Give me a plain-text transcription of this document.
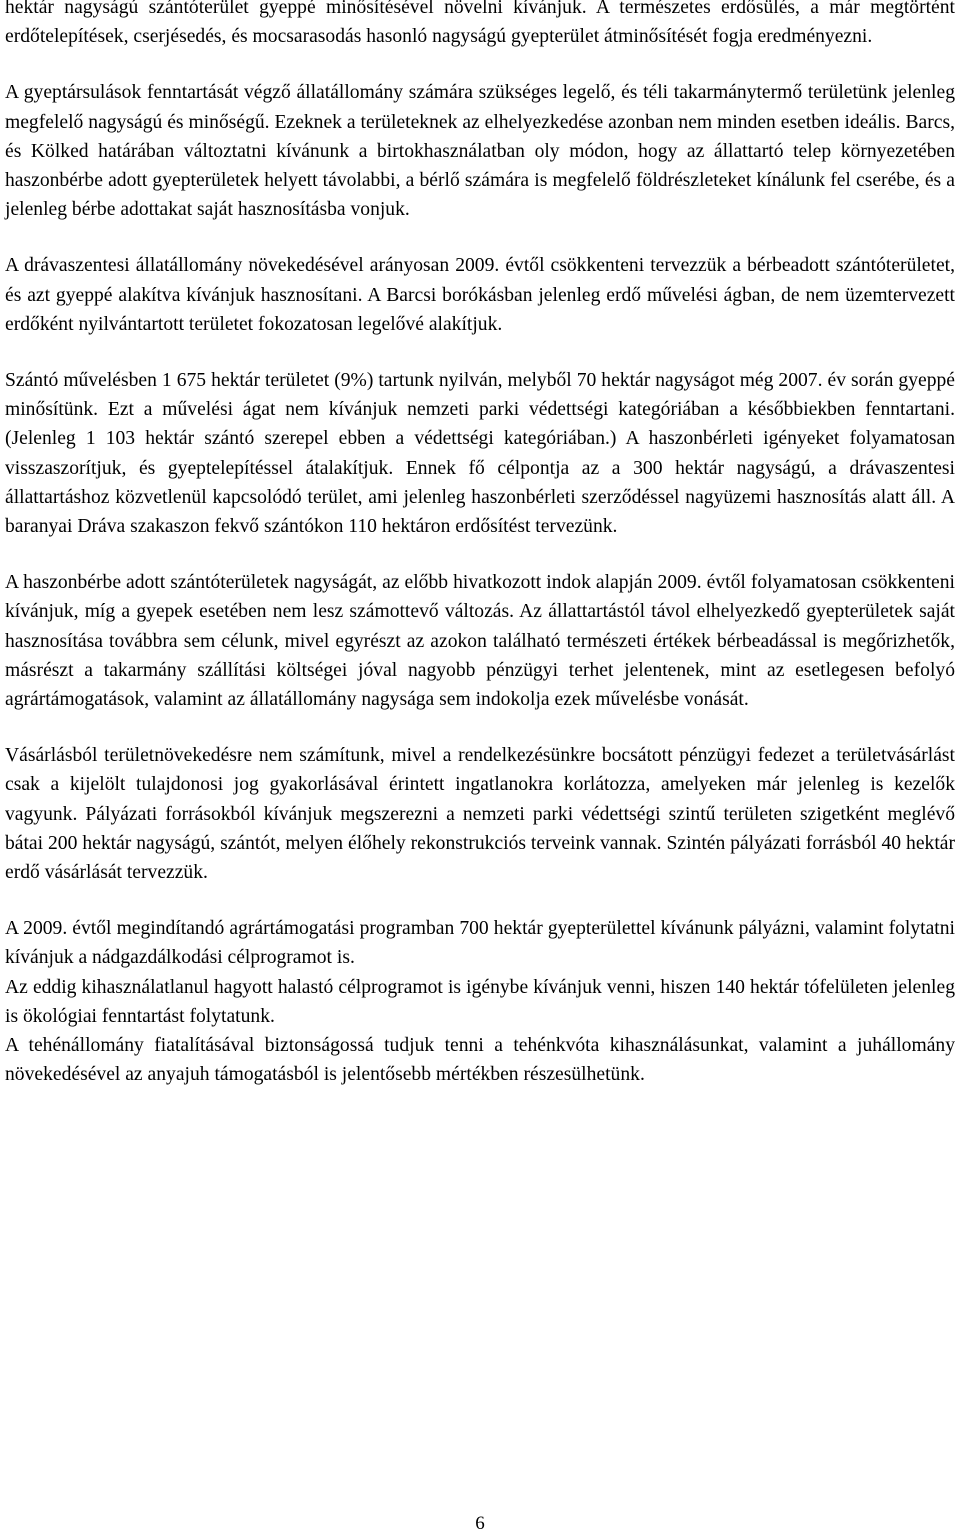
hektár nagyságú szántóterület gyeppé minősítésével növelni kívánjuk. A természetes erdősülés, a már megtörtént erdőtelepítések, cserjésedés, és mocsarasodás hasonló nagyságú gyepterület átminősítését fogja eredményezni.

A gyeptársulások fenntartását végző állatállomány számára szükséges legelő, és téli takarmánytermő területünk jelenleg megfelelő nagyságú és minőségű. Ezeknek a területeknek az elhelyezkedése azonban nem minden esetben ideális. Barcs, és Kölked határában változtatni kívánunk a birtokhasználatban oly módon, hogy az állattartó telep környezetében haszonbérbe adott gyepterületek helyett távolabbi, a bérlő számára is megfelelő földrészleteket kínálunk fel cserébe, és a jelenleg bérbe adottakat saját hasznosításba vonjuk.

A drávaszentesi állatállomány növekedésével arányosan 2009. évtől csökkenteni tervezzük a bérbeadott szántóterületet, és azt gyeppé alakítva kívánjuk hasznosítani. A Barcsi borókásban jelenleg erdő művelési ágban, de nem üzemtervezett erdőként nyilvántartott területet fokozatosan legelővé alakítjuk.

Szántó művelésben 1 675 hektár területet (9%) tartunk nyilván, melyből 70 hektár nagyságot még 2007. év során gyeppé minősítünk. Ezt a művelési ágat nem kívánjuk nemzeti parki védettségi kategóriában a későbbiekben fenntartani. (Jelenleg 1 103 hektár szántó szerepel ebben a védettségi kategóriában.) A haszonbérleti igényeket folyamatosan visszaszorítjuk, és gyeptelepítéssel átalakítjuk. Ennek fő célpontja az a 300 hektár nagyságú, a drávaszentesi állattartáshoz közvetlenül kapcsolódó terület, ami jelenleg haszonbérleti szerződéssel nagyüzemi hasznosítás alatt áll. A baranyai Dráva szakaszon fekvő szántókon 110 hektáron erdősítést tervezünk.

A haszonbérbe adott szántóterületek nagyságát, az előbb hivatkozott indok alapján 2009. évtől folyamatosan csökkenteni kívánjuk, míg a gyepek esetében nem lesz számottevő változás. Az állattartástól távol elhelyezkedő gyepterületek saját hasznosítása továbbra sem célunk, mivel egyrészt az azokon található természeti értékek bérbeadással is megőrizhetők, másrészt a takarmány szállítási költségei jóval nagyobb pénzügyi terhet jelentenek, mint az esetlegesen befolyó agrártámogatások, valamint az állatállomány nagysága sem indokolja ezek művelésbe vonását.

Vásárlásból területnövekedésre nem számítunk, mivel a rendelkezésünkre bocsátott pénzügyi fedezet a területvásárlást csak a kijelölt tulajdonosi jog gyakorlásával érintett ingatlanokra korlátozza, amelyeken már jelenleg is kezelők vagyunk. Pályázati forrásokból kívánjuk megszerezni a nemzeti parki védettségi szintű területen szigetként meglévő bátai 200 hektár nagyságú, szántót, melyen élőhely rekonstrukciós terveink vannak. Szintén pályázati forrásból 40 hektár erdő vásárlását tervezzük.

A 2009. évtől megindítandó agrártámogatási programban 700 hektár gyepterülettel kívánunk pályázni, valamint folytatni kívánjuk a nádgazdálkodási célprogramot is.

Az eddig kihasználatlanul hagyott halastó célprogramot is igénybe kívánjuk venni, hiszen 140 hektár tófelületen jelenleg is ökológiai fenntartást folytatunk.

A tehénállomány fiatalításával biztonságossá tudjuk tenni a tehénkvóta kihasználásunkat, valamint a juhállomány növekedésével az anyajuh támogatásból is jelentősebb mértékben részesülhetünk.

6
